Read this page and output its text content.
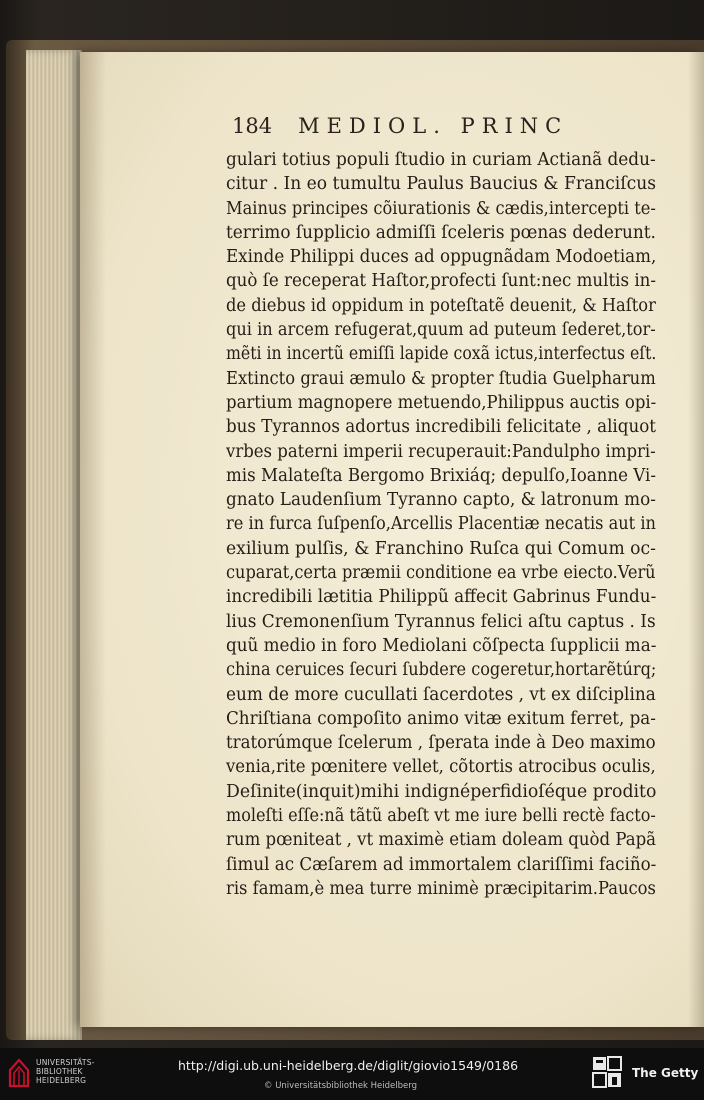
184 MEDIOL. PRINC
gulari totius populi ſtudio in curiam Actianã dedu-
citur . In eo tumultu Paulus Baucius & Franciſcus
Mainus principes cõiurationis & cædis,intercepti te-
terrimo ſupplicio admiſſi ſceleris pœnas dederunt.
Exinde Philippi duces ad oppugnãdam Modoetiam,
quò ſe receperat Haſtor,profecti ſunt:nec multis in-
de diebus id oppidum in poteſtatẽ deuenit, & Haſtor
qui in arcem refugerat,quum ad puteum ſederet,tor-
mẽti in incertũ emiſſi lapide coxã ictus,interfectus eſt.
Extincto graui æmulo & propter ſtudia Guelpharum
partium magnopere metuendo,Philippus auctis opi-
bus Tyrannos adortus incredibili felicitate , aliquot
vrbes paterni imperii recuperauit:Pandulpho impri-
mis Malateſta Bergomo Brixiáq; depulſo,Ioanne Vi-
gnato Laudenſium Tyranno capto, & latronum mo-
re in furca ſuſpenſo,Arcellis Placentiæ necatis aut in
exilium pulſis, & Franchino Ruſca qui Comum oc-
cuparat,certa præmii conditione ea vrbe eiecto.Verũ
incredibili lætitia Philippũ affecit Gabrinus Fundu-
lius Cremonenſium Tyrannus felici aſtu captus . Is
quũ medio in foro Mediolani cõſpecta ſupplicii ma-
china ceruices ſecuri ſubdere cogeretur,hortarẽtúrq;
eum de more cucullati ſacerdotes , vt ex diſciplina
Chriſtiana compoſito animo vitæ exitum ferret, pa-
tratorúmque ſcelerum , ſperata inde à Deo maximo
venia,rite pœnitere vellet, cõtortis atrocibus oculis,
Deſinite(inquit)mihi indignéperfidioſéque prodito
moleſti eſſe:nã tãtũ abeſt vt me iure belli rectè facto-
rum pœniteat , vt maximè etiam doleam quòd Papã
ſimul ac Cæſarem ad immortalem clariſſimi faciño-
ris famam,è mea turre minimè præcipitarim.Paucos
UNIVERSITÄTS-
BIBLIOTHEK
HEIDELBERG
http://digi.ub.uni-heidelberg.de/diglit/giovio1549/0186
© Universitätsbibliothek Heidelberg
The Getty
